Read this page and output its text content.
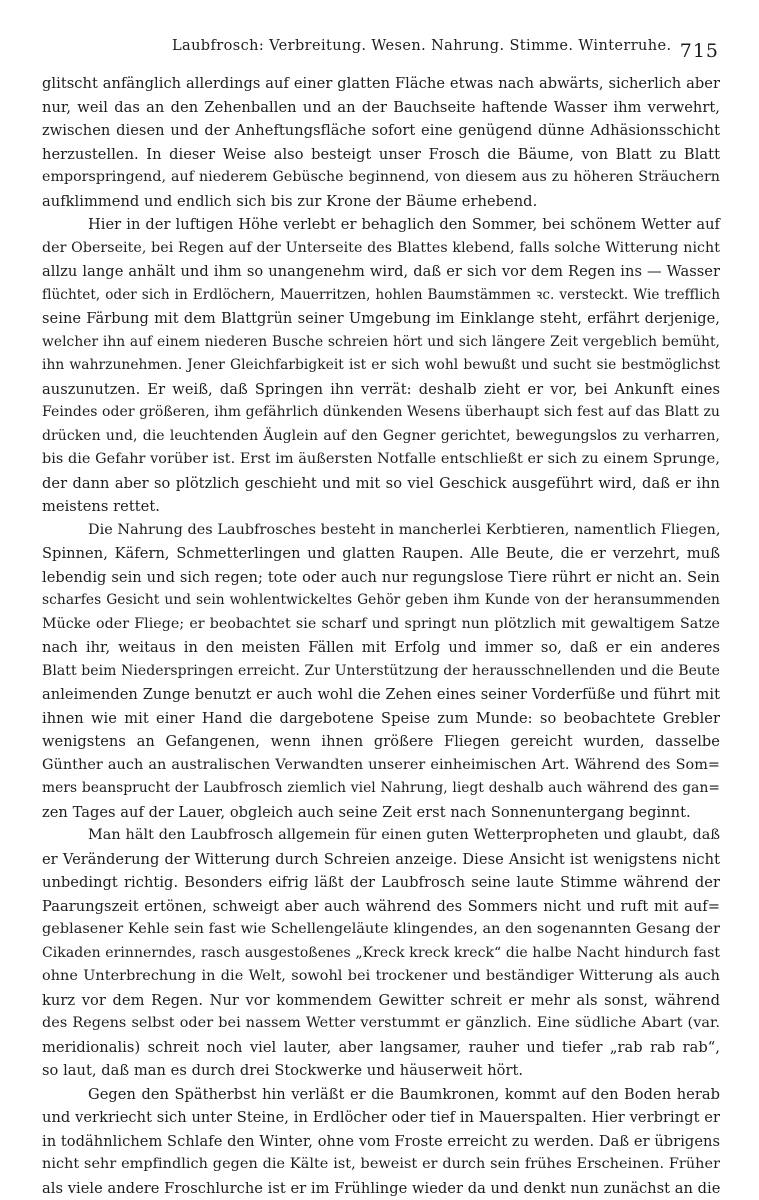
Laubfrosch: Verbreitung. Wesen. Nahrung. Stimme. Winterruhe. 715
glitscht anfänglich allerdings auf einer glatten Fläche etwas nach abwärts, sicherlich aber
nur, weil das an den Zehenballen und an der Bauchseite haftende Wasser ihm verwehrt,
zwischen diesen und der Anheftungsfläche sofort eine genügend dünne Adhäsionsschicht
herzustellen. In dieser Weise also besteigt unser Frosch die Bäume, von Blatt zu Blatt
emporspringend, auf niederem Gebüsche beginnend, von diesem aus zu höheren Sträuchern
aufklimmend und endlich sich bis zur Krone der Bäume erhebend.
Hier in der luftigen Höhe verlebt er behaglich den Sommer, bei schönem Wetter auf
der Oberseite, bei Regen auf der Unterseite des Blattes klebend, falls solche Witterung nicht
allzu lange anhält und ihm so unangenehm wird, daß er sich vor dem Regen ins — Wasser
flüchtet, oder sich in Erdlöchern, Mauerritzen, hohlen Baumstämmen ꝛc. versteckt. Wie trefflich
seine Färbung mit dem Blattgrün seiner Umgebung im Einklange steht, erfährt derjenige,
welcher ihn auf einem niederen Busche schreien hört und sich längere Zeit vergeblich bemüht,
ihn wahrzunehmen. Jener Gleichfarbigkeit ist er sich wohl bewußt und sucht sie bestmöglichst
auszunutzen. Er weiß, daß Springen ihn verrät: deshalb zieht er vor, bei Ankunft eines
Feindes oder größeren, ihm gefährlich dünkenden Wesens überhaupt sich fest auf das Blatt zu
drücken und, die leuchtenden Äuglein auf den Gegner gerichtet, bewegungslos zu verharren,
bis die Gefahr vorüber ist. Erst im äußersten Notfalle entschließt er sich zu einem Sprunge,
der dann aber so plötzlich geschieht und mit so viel Geschick ausgeführt wird, daß er ihn
meistens rettet.
Die Nahrung des Laubfrosches besteht in mancherlei Kerbtieren, namentlich Fliegen,
Spinnen, Käfern, Schmetterlingen und glatten Raupen. Alle Beute, die er verzehrt, muß
lebendig sein und sich regen; tote oder auch nur regungslose Tiere rührt er nicht an. Sein
scharfes Gesicht und sein wohlentwickeltes Gehör geben ihm Kunde von der heransummenden
Mücke oder Fliege; er beobachtet sie scharf und springt nun plötzlich mit gewaltigem Satze
nach ihr, weitaus in den meisten Fällen mit Erfolg und immer so, daß er ein anderes
Blatt beim Niederspringen erreicht. Zur Unterstützung der herausschnellenden und die Beute
anleimenden Zunge benutzt er auch wohl die Zehen eines seiner Vorderfüße und führt mit
ihnen wie mit einer Hand die dargebotene Speise zum Munde: so beobachtete Grebler
wenigstens an Gefangenen, wenn ihnen größere Fliegen gereicht wurden, dasselbe
Günther auch an australischen Verwandten unserer einheimischen Art. Während des Som=
mers beansprucht der Laubfrosch ziemlich viel Nahrung, liegt deshalb auch während des gan=
zen Tages auf der Lauer, obgleich auch seine Zeit erst nach Sonnenuntergang beginnt.
Man hält den Laubfrosch allgemein für einen guten Wetterpropheten und glaubt, daß
er Veränderung der Witterung durch Schreien anzeige. Diese Ansicht ist wenigstens nicht
unbedingt richtig. Besonders eifrig läßt der Laubfrosch seine laute Stimme während der
Paarungszeit ertönen, schweigt aber auch während des Sommers nicht und ruft mit auf=
geblasener Kehle sein fast wie Schellengeläute klingendes, an den sogenannten Gesang der
Cikaden erinnerndes, rasch ausgestoßenes „Kreck kreck kreck“ die halbe Nacht hindurch fast
ohne Unterbrechung in die Welt, sowohl bei trockener und beständiger Witterung als auch
kurz vor dem Regen. Nur vor kommendem Gewitter schreit er mehr als sonst, während
des Regens selbst oder bei nassem Wetter verstummt er gänzlich. Eine südliche Abart (var.
meridionalis) schreit noch viel lauter, aber langsamer, rauher und tiefer „rab rab rab“,
so laut, daß man es durch drei Stockwerke und häuserweit hört.
Gegen den Spätherbst hin verläßt er die Baumkronen, kommt auf den Boden herab
und verkriecht sich unter Steine, in Erdlöcher oder tief in Mauerspalten. Hier verbringt er
in todähnlichem Schlafe den Winter, ohne vom Froste erreicht zu werden. Daß er übrigens
nicht sehr empfindlich gegen die Kälte ist, beweist er durch sein frühes Erscheinen. Früher
als viele andere Froschlurche ist er im Frühlinge wieder da und denkt nun zunächst an die
